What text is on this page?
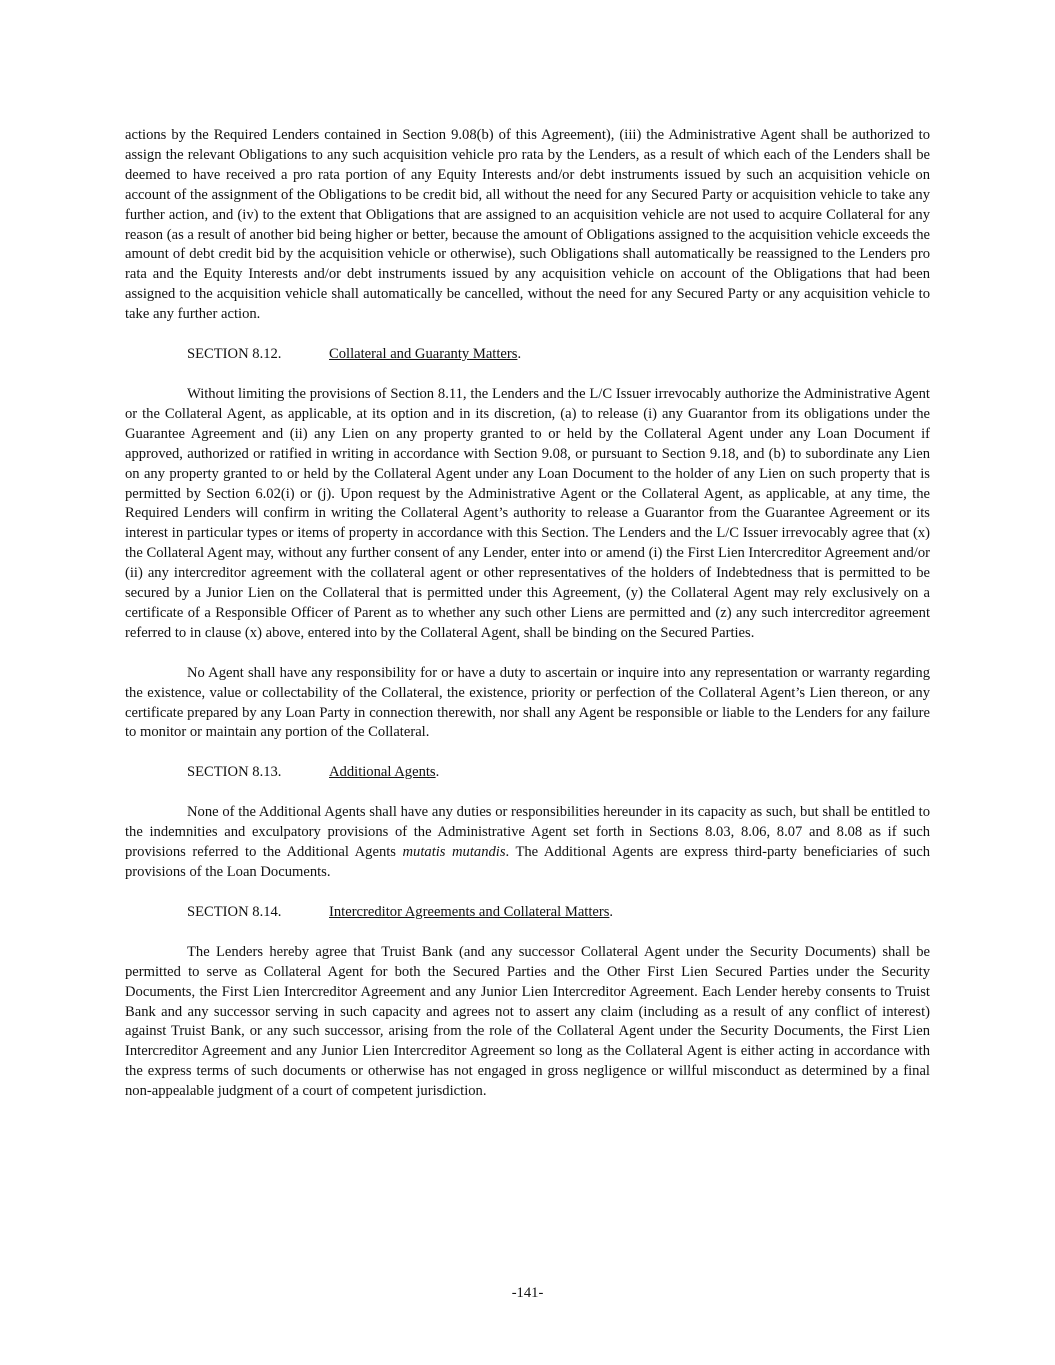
actions by the Required Lenders contained in Section 9.08(b) of this Agreement), (iii) the Administrative Agent shall be authorized to assign the relevant Obligations to any such acquisition vehicle pro rata by the Lenders, as a result of which each of the Lenders shall be deemed to have received a pro rata portion of any Equity Interests and/or debt instruments issued by such an acquisition vehicle on account of the assignment of the Obligations to be credit bid, all without the need for any Secured Party or acquisition vehicle to take any further action, and (iv) to the extent that Obligations that are assigned to an acquisition vehicle are not used to acquire Collateral for any reason (as a result of another bid being higher or better, because the amount of Obligations assigned to the acquisition vehicle exceeds the amount of debt credit bid by the acquisition vehicle or otherwise), such Obligations shall automatically be reassigned to the Lenders pro rata and the Equity Interests and/or debt instruments issued by any acquisition vehicle on account of the Obligations that had been assigned to the acquisition vehicle shall automatically be cancelled, without the need for any Secured Party or any acquisition vehicle to take any further action.

SECTION 8.12.	Collateral and Guaranty Matters.

Without limiting the provisions of Section 8.11, the Lenders and the L/C Issuer irrevocably authorize the Administrative Agent or the Collateral Agent, as applicable, at its option and in its discretion, (a) to release (i) any Guarantor from its obligations under the Guarantee Agreement and (ii) any Lien on any property granted to or held by the Collateral Agent under any Loan Document if approved, authorized or ratified in writing in accordance with Section 9.08, or pursuant to Section 9.18, and (b) to subordinate any Lien on any property granted to or held by the Collateral Agent under any Loan Document to the holder of any Lien on such property that is permitted by Section 6.02(i) or (j). Upon request by the Administrative Agent or the Collateral Agent, as applicable, at any time, the Required Lenders will confirm in writing the Collateral Agent’s authority to release a Guarantor from the Guarantee Agreement or its interest in particular types or items of property in accordance with this Section. The Lenders and the L/C Issuer irrevocably agree that (x) the Collateral Agent may, without any further consent of any Lender, enter into or amend (i) the First Lien Intercreditor Agreement and/or (ii) any intercreditor agreement with the collateral agent or other representatives of the holders of Indebtedness that is permitted to be secured by a Junior Lien on the Collateral that is permitted under this Agreement, (y) the Collateral Agent may rely exclusively on a certificate of a Responsible Officer of Parent as to whether any such other Liens are permitted and (z) any such intercreditor agreement referred to in clause (x) above, entered into by the Collateral Agent, shall be binding on the Secured Parties.

No Agent shall have any responsibility for or have a duty to ascertain or inquire into any representation or warranty regarding the existence, value or collectability of the Collateral, the existence, priority or perfection of the Collateral Agent’s Lien thereon, or any certificate prepared by any Loan Party in connection therewith, nor shall any Agent be responsible or liable to the Lenders for any failure to monitor or maintain any portion of the Collateral.

SECTION 8.13.	Additional Agents.

None of the Additional Agents shall have any duties or responsibilities hereunder in its capacity as such, but shall be entitled to the indemnities and exculpatory provisions of the Administrative Agent set forth in Sections 8.03, 8.06, 8.07 and 8.08 as if such provisions referred to the Additional Agents mutatis mutandis. The Additional Agents are express third-party beneficiaries of such provisions of the Loan Documents.

SECTION 8.14.	Intercreditor Agreements and Collateral Matters.

The Lenders hereby agree that Truist Bank (and any successor Collateral Agent under the Security Documents) shall be permitted to serve as Collateral Agent for both the Secured Parties and the Other First Lien Secured Parties under the Security Documents, the First Lien Intercreditor Agreement and any Junior Lien Intercreditor Agreement. Each Lender hereby consents to Truist Bank and any successor serving in such capacity and agrees not to assert any claim (including as a result of any conflict of interest) against Truist Bank, or any such successor, arising from the role of the Collateral Agent under the Security Documents, the First Lien Intercreditor Agreement and any Junior Lien Intercreditor Agreement so long as the Collateral Agent is either acting in accordance with the express terms of such documents or otherwise has not engaged in gross negligence or willful misconduct as determined by a final non-appealable judgment of a court of competent jurisdiction.

-141-
